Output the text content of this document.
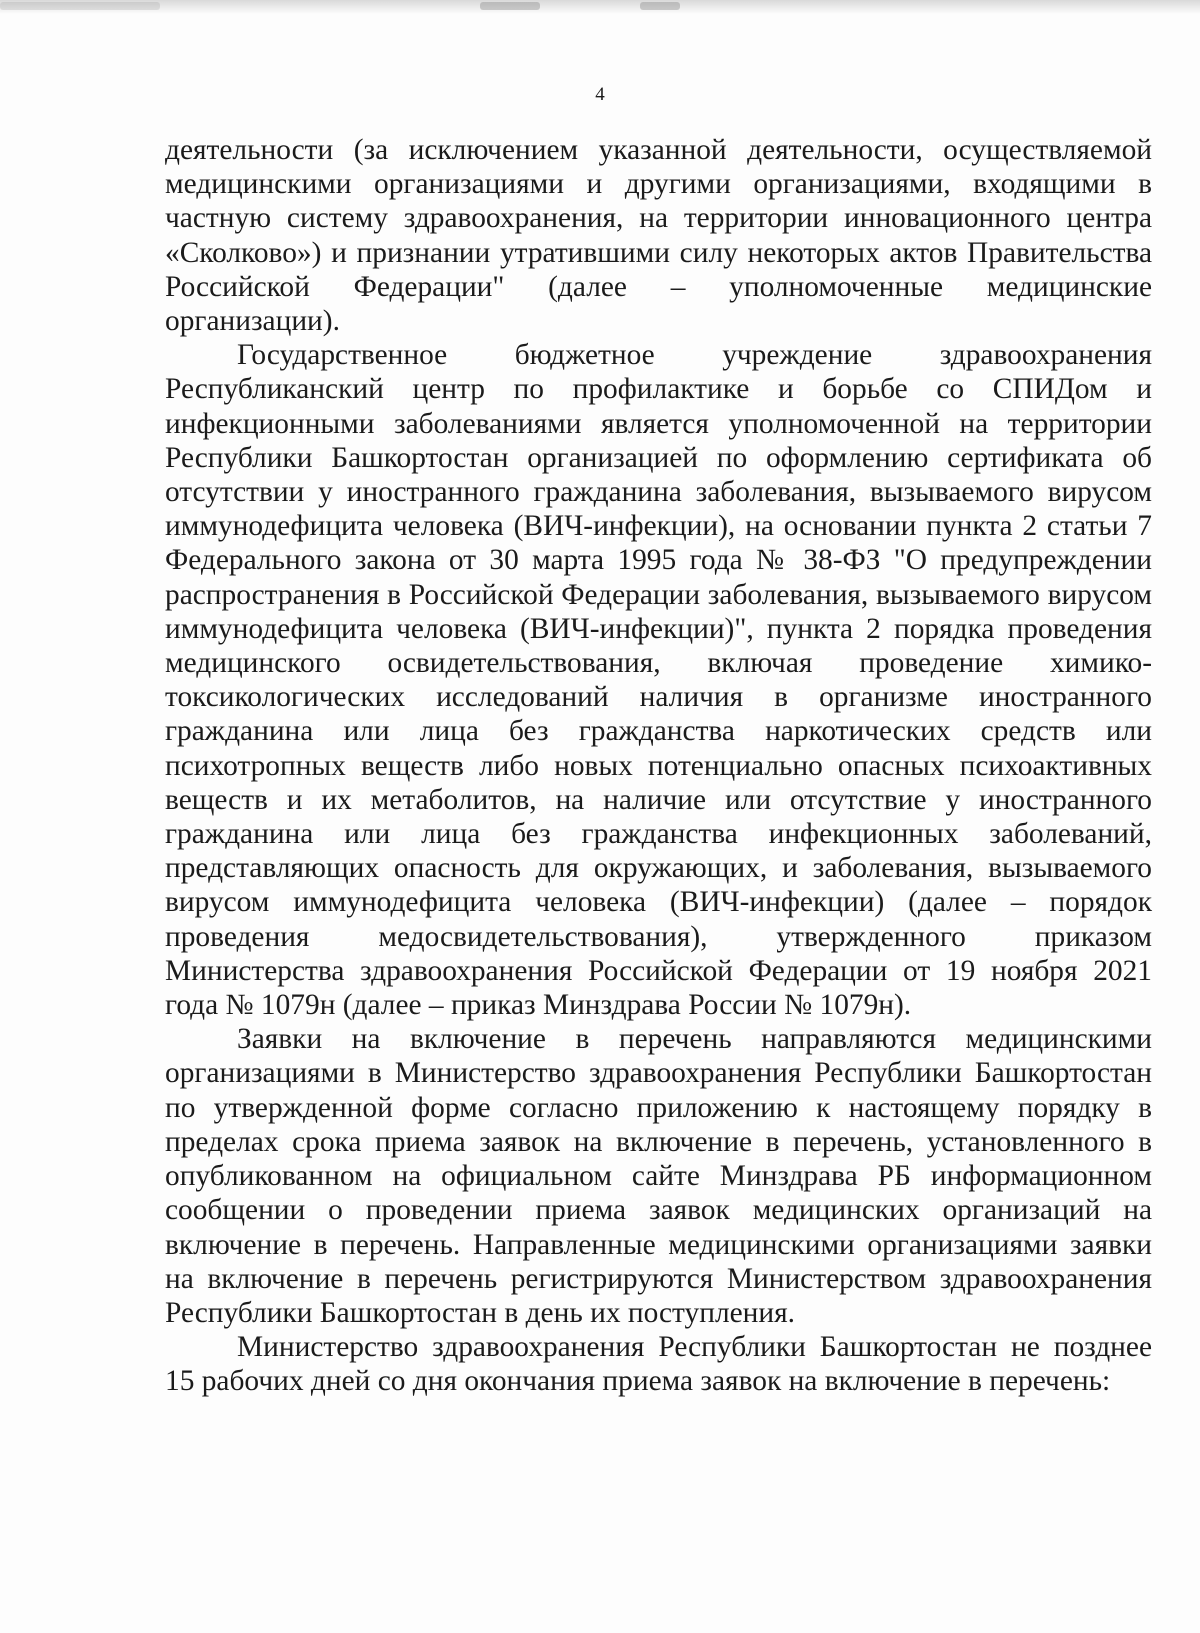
4

деятельности (за исключением указанной деятельности, осуществляемой медицинскими организациями и другими организациями, входящими в частную систему здравоохранения, на территории инновационного центра «Сколково») и признании утратившими силу некоторых актов Правительства Российской Федерации" (далее – уполномоченные медицинские организации).

Государственное бюджетное учреждение здравоохранения Республиканский центр по профилактике и борьбе со СПИДом и инфекционными заболеваниями является уполномоченной на территории Республики Башкортостан организацией по оформлению сертификата об отсутствии у иностранного гражданина заболевания, вызываемого вирусом иммунодефицита человека (ВИЧ-инфекции), на основании пункта 2 статьи 7 Федерального закона от 30 марта 1995 года № 38-ФЗ "О предупреждении распространения в Российской Федерации заболевания, вызываемого вирусом иммунодефицита человека (ВИЧ-инфекции)", пункта 2 порядка проведения медицинского освидетельствования, включая проведение химико-токсикологических исследований наличия в организме иностранного гражданина или лица без гражданства наркотических средств или психотропных веществ либо новых потенциально опасных психоактивных веществ и их метаболитов, на наличие или отсутствие у иностранного гражданина или лица без гражданства инфекционных заболеваний, представляющих опасность для окружающих, и заболевания, вызываемого вирусом иммунодефицита человека (ВИЧ-инфекции) (далее – порядок проведения медосвидетельствования), утвержденного приказом Министерства здравоохранения Российской Федерации от 19 ноября 2021 года № 1079н (далее – приказ Минздрава России № 1079н).

Заявки на включение в перечень направляются медицинскими организациями в Министерство здравоохранения Республики Башкортостан по утвержденной форме согласно приложению к настоящему порядку в пределах срока приема заявок на включение в перечень, установленного в опубликованном на официальном сайте Минздрава РБ информационном сообщении о проведении приема заявок медицинских организаций на включение в перечень. Направленные медицинскими организациями заявки на включение в перечень регистрируются Министерством здравоохранения Республики Башкортостан в день их поступления.

Министерство здравоохранения Республики Башкортостан не позднее 15 рабочих дней со дня окончания приема заявок на включение в перечень:
